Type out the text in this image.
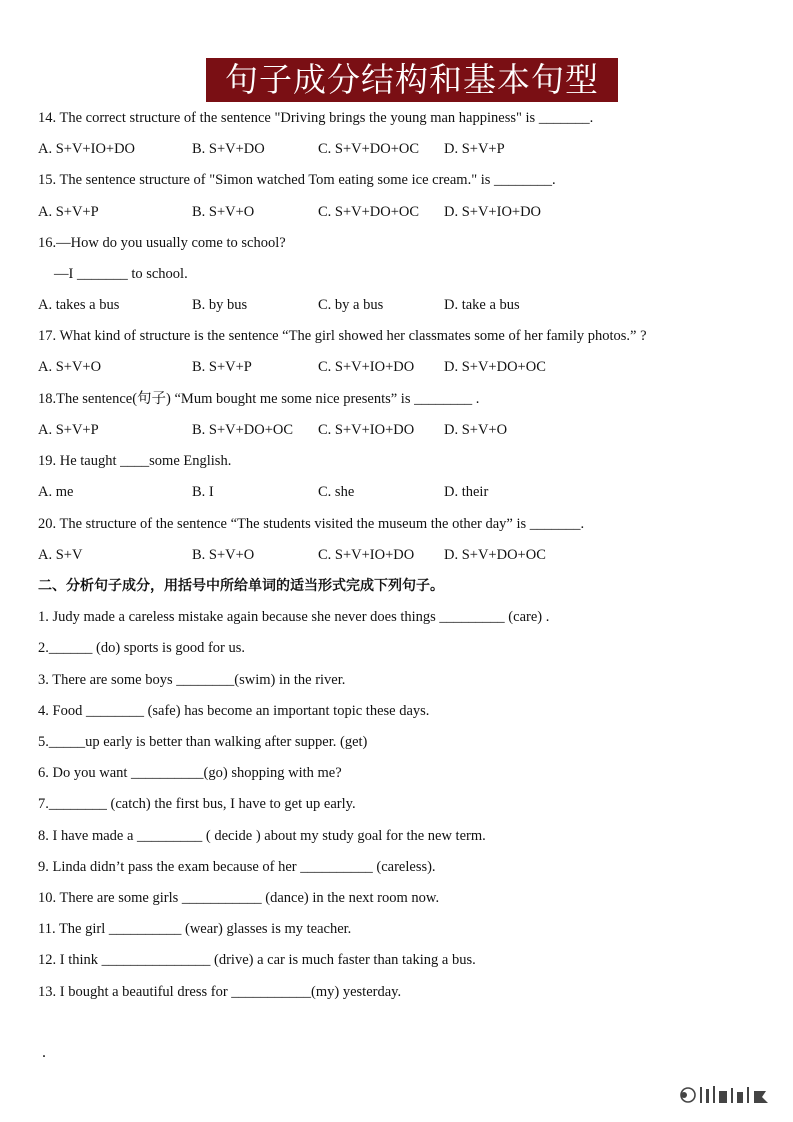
句子成分结构和基本句型
14. The correct structure of the sentence "Driving brings the young man happiness" is _______.
A. S+V+IO+DO	B. S+V+DO	C. S+V+DO+OC D. S+V+P
15. The sentence structure of "Simon watched Tom eating some ice cream." is ________.
A. S+V+P	B. S+V+O	C. S+V+DO+OC D. S+V+IO+DO
16.—How do you usually come to school?
—I _______ to school.
A. takes a bus	B. by bus	C. by a bus	D. take a bus
17. What kind of structure is the sentence “The girl showed her classmates some of her family photos.” ?
A. S+V+O	B. S+V+P	C. S+V+IO+DO D. S+V+DO+OC
18.The sentence(句子) “Mum bought me some nice presents” is ________ .
A. S+V+P	B. S+V+DO+OC C. S+V+IO+DO D. S+V+O
19. He taught ____some English.
A. me	B. I	C. she	D. their
20. The structure of the sentence “The students visited the museum the other day” is _______.
A. S+V	B. S+V+O	C. S+V+IO+DO D. S+V+DO+OC
二、分析句子成分，用括号中所给单词的适当形式完成下列句子。
1. Judy made a careless mistake again because she never does things _________ (care) .
2.______ (do) sports is good for us.
3. There are some boys ________(swim) in the river.
4. Food ________ (safe) has become an important topic these days.
5._____up early is better than walking after supper. (get)
6. Do you want __________(go) shopping with me?
7.________ (catch) the first bus, I have to get up early.
8. I have made a _________ ( decide ) about my study goal for the new term.
9. Linda didn’t pass the exam because of her __________ (careless).
10. There are some girls ___________ (dance) in the next room now.
11. The girl __________ (wear) glasses is my teacher.
12. I think _______________ (drive) a car is much faster than taking a bus.
13. I bought a beautiful dress for ___________(my) yesterday.
.
